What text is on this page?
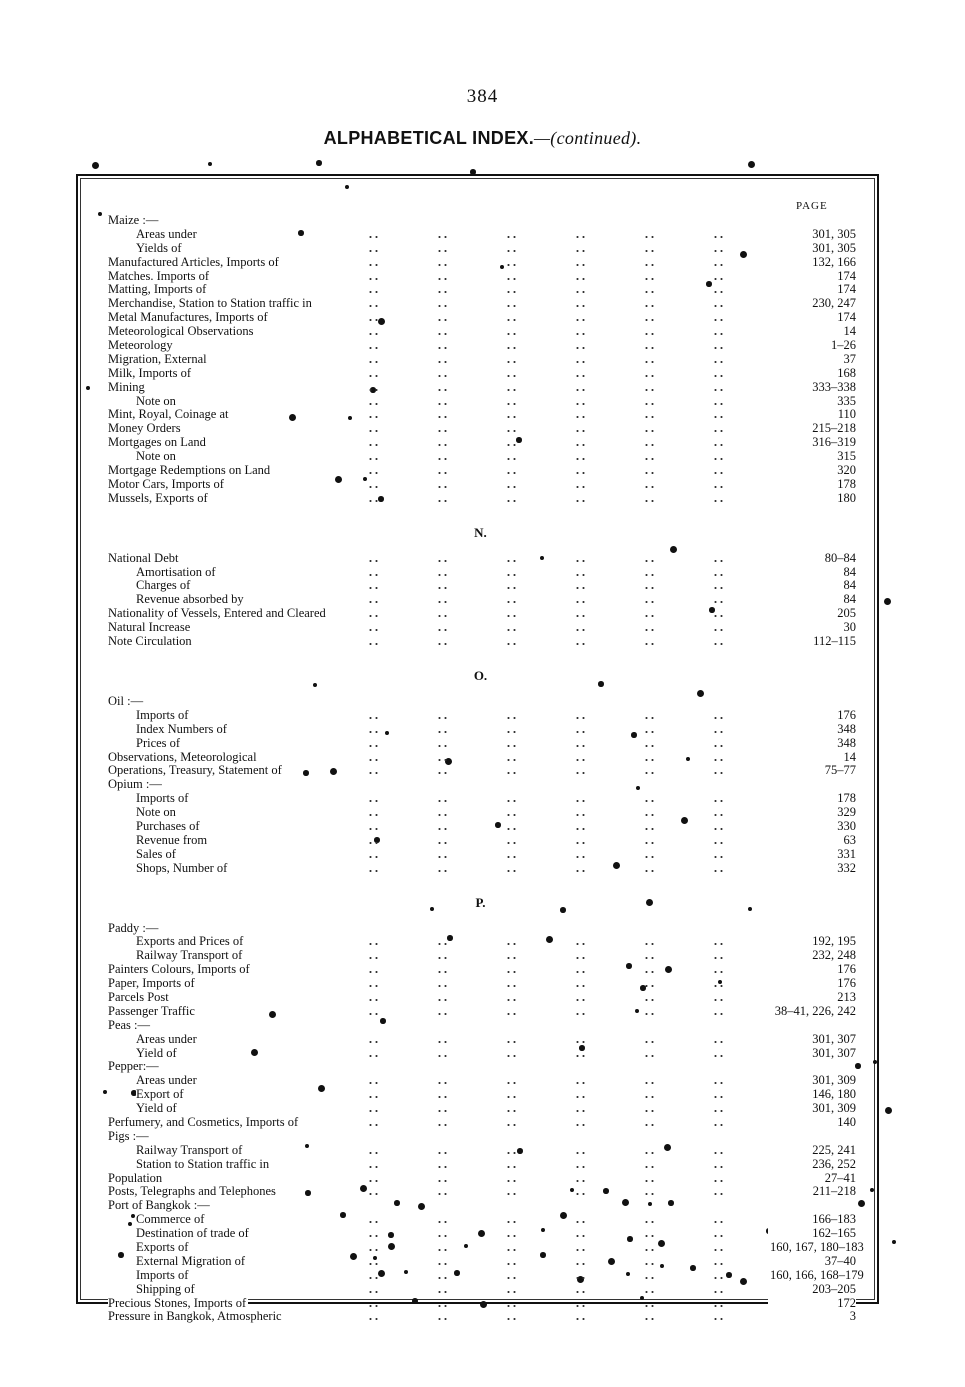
384
ALPHABETICAL INDEX.—(continued).
PAGE
Maize :—
Areas under	301, 305
Yields of	301, 305
Manufactured Articles, Imports of	132, 166
Matches. Imports of	174
Matting, Imports of	174
Merchandise, Station to Station traffic in	230, 247
Metal Manufactures, Imports of	174
Meteorological Observations	14
Meteorology	1–26
Migration, External	37
Milk, Imports of	168
Mining	333–338
Note on	335
Mint, Royal, Coinage at	110
Money Orders	215–218
Mortgages on Land	316–319
Note on	315
Mortgage Redemptions on Land	320
Motor Cars, Imports of	178
Mussels, Exports of	180
N.
National Debt	80–84
Amortisation of	84
Charges of	84
Revenue absorbed by	84
Nationality of Vessels, Entered and Cleared	205
Natural Increase	30
Note Circulation	112–115
O.
Oil :—
Imports of	176
Index Numbers of	348
Prices of	348
Observations, Meteorological	14
Operations, Treasury, Statement of	75–77
Opium :—
Imports of	178
Note on	329
Purchases of	330
Revenue from	63
Sales of	331
Shops, Number of	332
P.
Paddy :—
Exports and Prices of	192, 195
Railway Transport of	232, 248
Painters Colours, Imports of	176
Paper, Imports of	176
Parcels Post	213
Passenger Traffic	38–41, 226, 242
Peas :—
Areas under	301, 307
Yield of	301, 307
Pepper:—
Areas under	301, 309
Export of	146, 180
Yield of	301, 309
Perfumery, and Cosmetics, Imports of	140
Pigs :—
Railway Transport of	225, 241
Station to Station traffic in	236, 252
Population	27–41
Posts, Telegraphs and Telephones	211–218
Port of Bangkok :—
Commerce of	166–183
Destination of trade of	162–165
Exports of	160, 167, 180–183
External Migration of	37–40
Imports of	160, 166, 168–179
Shipping of	203–205
Precious Stones, Imports of	172
Pressure in Bangkok, Atmospheric	3
